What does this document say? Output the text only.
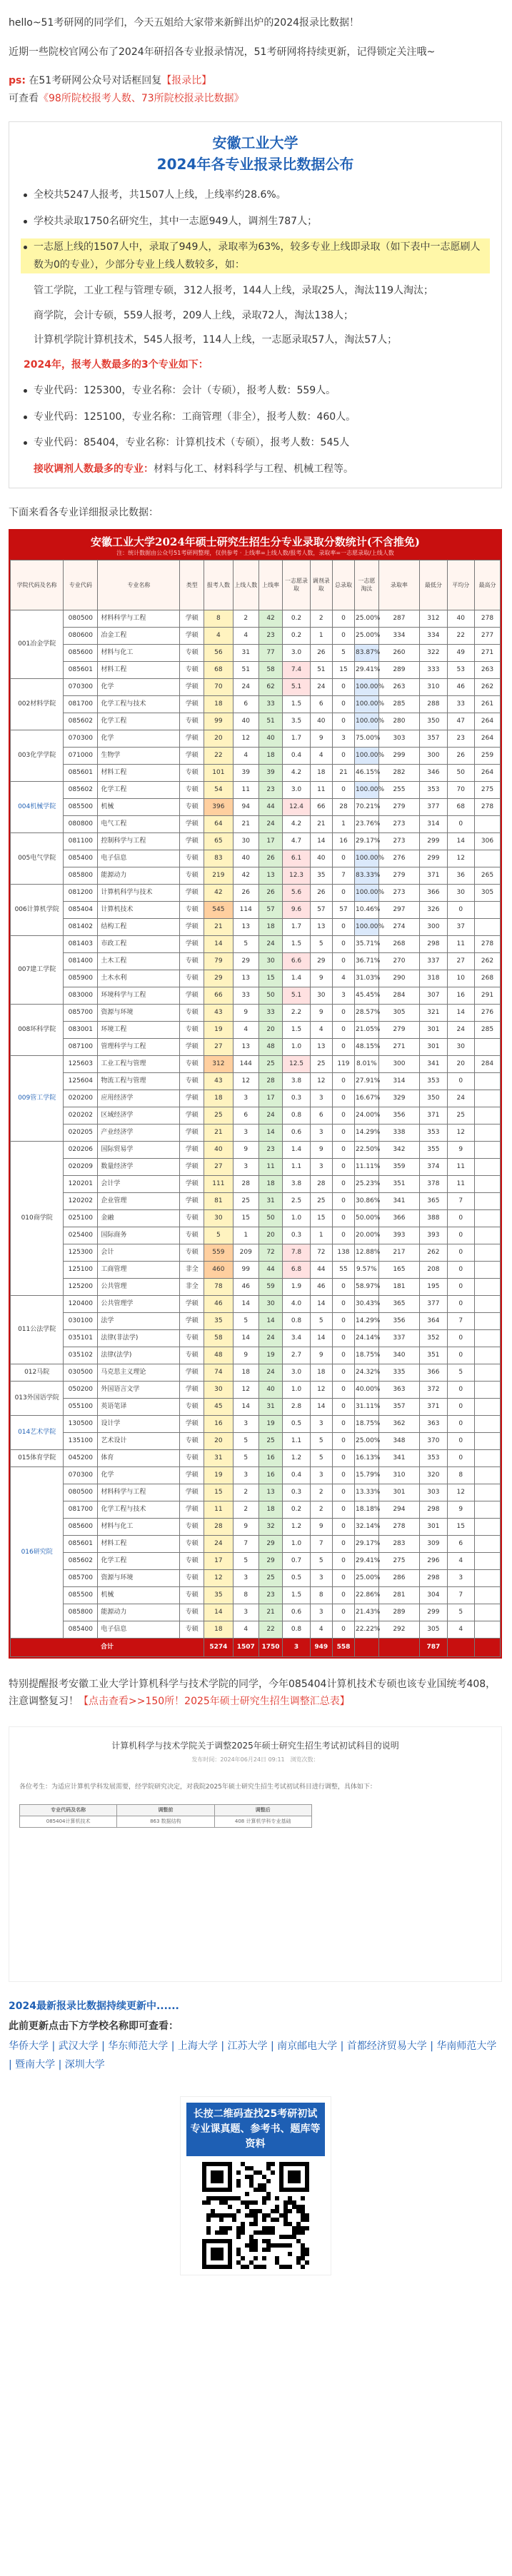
hello~51考研网的同学们，今天五姐给大家带来新鲜出炉的2024报录比数据！

近期一些院校官网公布了2024年研招各专业报录情况，51考研网将持续更新，记得锁定关注哦~

ps: 在51考研网公众号对话框回复【报录比】

可查看《98所院校报考人数、73所院校报录比数据》

安徽工业大学
2024年各专业报录比数据公布

全校共5247人报考，共1507人上线，上线率约28.6%。

学校共录取1750名研究生，其中一志愿949人，调剂生787人；

一志愿上线的1507人中，录取了949人，录取率为63%，较多专业上线即录取（如下表中一志愿刷人数为0的专业），少部分专业上线人数较多，如：

管工学院，工业工程与管理专硕，312人报考，144人上线，录取25人，淘汰119人淘汰；

商学院，会计专硕，559人报考，209人上线，录取72人，淘汰138人；

计算机学院计算机技术，545人报考，114人上线，一志愿录取57人，淘汰57人；

2024年，报考人数最多的3个专业如下：

专业代码：125300，专业名称：会计（专硕），报考人数：559人。

专业代码：125100，专业名称：工商管理（非全），报考人数：460人。

专业代码：85404，专业名称：计算机技术（专硕），报考人数：545人

接收调剂人数最多的专业：材料与化工、材料科学与工程、机械工程等。

下面来看各专业详细报录比数据：

安徽工业大学2024年硕士研究生招生分专业录取分数统计(不含推免)
注：统计数据由公众号51考研网整理，仅供参考 · 上线率=上线人数/报考人数，录取率=一志愿录取/上线人数
学院代码及名称	专业代码	专业名称	类型	报考人数	上线人数	上线率	一志愿录取	调剂录取	总录取	一志愿淘汰	录取率	最低分	平均分	最高分
001冶金学院	080500	材料科学与工程	学硕	8	2	42	0.2	2	0	25.00%	287	312	40	278
	080600	冶金工程	学硕	4	4	23	0.2	1	0	25.00%	334	334	22	277
	085600	材料与化工	专硕	56	31	77	3.0	26	5	83.87%	260	322	49	271
	085601	材料工程	专硕	68	51	58	7.4	51	15	29.41%	289	333	53	263
002材料学院	070300	化学	学硕	70	24	62	5.1	24	0	100.00%	263	310	46	262
	081700	化学工程与技术	学硕	18	6	33	1.5	6	0	100.00%	285	288	33	261
	085602	化学工程	专硕	99	40	51	3.5	40	0	100.00%	280	350	47	264
003化学学院	070300	化学	学硕	20	12	40	1.7	9	3	75.00%	303	357	23	264
	071000	生物学	学硕	22	4	18	0.4	4	0	100.00%	299	300	26	259
	085601	材料工程	专硕	101	39	39	4.2	18	21	46.15%	282	346	50	264
004机械学院	085602	化学工程	专硕	54	11	23	3.0	11	0	100.00%	255	353	70	275
	085500	机械	专硕	396	94	44	12.4	66	28	70.21%	279	377	68	278
	080800	电气工程	学硕	64	21	24	4.2	21	1	23.76%	273	314	0	
005电气学院	081100	控制科学与工程	学硕	65	30	17	4.7	14	16	29.17%	273	299	14	306
	085400	电子信息	专硕	83	40	26	6.1	40	0	100.00%	276	299	12	
	085800	能源动力	专硕	219	42	13	12.3	35	7	83.33%	279	371	36	265
006计算机学院	081200	计算机科学与技术	学硕	42	26	26	5.6	26	0	100.00%	273	366	30	305
	085404	计算机技术	专硕	545	114	57	9.6	57	57	10.46%	297	326	0	
	081402	结构工程	学硕	21	13	18	1.7	13	0	100.00%	274	300	37	
007建工学院	081403	市政工程	学硕	14	5	24	1.5	5	0	35.71%	268	298	11	278
	081400	土木工程	专硕	79	29	30	6.6	29	0	36.71%	270	337	27	262
	085900	土木水利	专硕	29	13	15	1.4	9	4	31.03%	290	318	10	268
	083000	环境科学与工程	学硕	66	33	50	5.1	30	3	45.45%	284	307	16	291
008环科学院	085700	资源与环境	专硕	43	9	33	2.2	9	0	28.57%	305	321	14	276
	083001	环境工程	专硕	19	4	20	1.5	4	0	21.05%	279	301	24	285
	087100	管理科学与工程	学硕	27	13	48	1.0	13	0	48.15%	271	301	30	
009管工学院	125603	工业工程与管理	专硕	312	144	25	12.5	25	119	8.01%	300	341	20	284
	125604	物流工程与管理	专硕	43	12	28	3.8	12	0	27.91%	314	353	0	
	020200	应用经济学	学硕	18	3	17	0.3	3	0	16.67%	329	350	24	
	020202	区域经济学	学硕	25	6	24	0.8	6	0	24.00%	356	371	25	
	020205	产业经济学	学硕	21	3	14	0.6	3	0	14.29%	338	353	12	
010商学院	020206	国际贸易学	学硕	40	9	23	1.4	9	0	22.50%	342	355	9	
	020209	数量经济学	学硕	27	3	11	1.1	3	0	11.11%	359	374	11	
	120201	会计学	学硕	111	28	18	3.8	28	0	25.23%	351	378	11	
	120202	企业管理	学硕	81	25	31	2.5	25	0	30.86%	341	365	7	
	025100	金融	专硕	30	15	50	1.0	15	0	50.00%	366	388	0	
	025400	国际商务	专硕	5	1	20	0.3	1	0	20.00%	393	393	0	
	125300	会计	专硕	559	209	72	7.8	72	138	12.88%	217	262	0	
	125100	工商管理	非全	460	99	44	6.8	44	55	9.57%	165	208	0	
	125200	公共管理	非全	78	46	59	1.9	46	0	58.97%	181	195	0	
011公法学院	120400	公共管理学	学硕	46	14	30	4.0	14	0	30.43%	365	377	0	
	030100	法学	学硕	35	5	14	0.8	5	0	14.29%	356	364	7	
	035101	法律(非法学)	专硕	58	14	24	3.4	14	0	24.14%	337	352	0	
	035102	法律(法学)	专硕	48	9	19	2.7	9	0	18.75%	340	351	0	
012马院	030500	马克思主义理论	学硕	74	18	24	3.0	18	0	24.32%	335	366	5	
013外国语学院	050200	外国语言文学	学硕	30	12	40	1.0	12	0	40.00%	363	372	0	
	055100	英语笔译	专硕	45	14	31	2.8	14	0	31.11%	357	371	0	
014艺术学院	130500	设计学	学硕	16	3	19	0.5	3	0	18.75%	362	363	0	
	135100	艺术设计	专硕	20	5	25	1.1	5	0	25.00%	348	370	0	
015体育学院	045200	体育	专硕	31	5	16	1.2	5	0	16.13%	341	353	0	
016研究院	070300	化学	学硕	19	3	16	0.4	3	0	15.79%	310	320	8	
	080500	材料科学与工程	学硕	15	2	13	0.3	2	0	13.33%	301	303	12	
	081700	化学工程与技术	学硕	11	2	18	0.2	2	0	18.18%	294	298	9	
	085600	材料与化工	专硕	28	9	32	1.2	9	0	32.14%	278	301	15	
	085601	材料工程	专硕	24	7	29	1.0	7	0	29.17%	283	309	6	
	085602	化学工程	专硕	17	5	29	0.7	5	0	29.41%	275	296	4	
	085700	资源与环境	专硕	12	3	25	0.5	3	0	25.00%	286	298	3	
	085500	机械	专硕	35	8	23	1.5	8	0	22.86%	281	304	7	
	085800	能源动力	专硕	14	3	21	0.6	3	0	21.43%	289	299	5	
	085400	电子信息	专硕	18	4	22	0.8	4	0	22.22%	292	305	4	
合计				5274	1507	1750	3	949	558			787		

特别提醒报考安徽工业大学计算机科学与技术学院的同学，今年085404计算机技术专硕也该专业国统考408，注意调整复习！【点击查看>>150所！2025年硕士研究生招生调整汇总表】

计算机科学与技术学院关于调整2025年硕士研究生招生考试初试科目的说明
发布时间：2024年06月24日 09:11　浏览次数：

各位考生：为适应计算机学科发展需要，经学院研究决定，对我院2025年硕士研究生招生考试初试科目进行调整，具体如下：

专业代码及名称	调整前	调整后
085404计算机技术	863 数据结构	408 计算机学科专业基础

2024最新报录比数据持续更新中......

此前更新点击下方学校名称即可查看：

华侨大学 | 武汉大学 | 华东师范大学 | 上海大学 | 江苏大学 | 南京邮电大学 | 首都经济贸易大学 | 华南师范大学 | 暨南大学 | 深圳大学

长按二维码查找25考研初试专业课真题、参考书、题库等资料
